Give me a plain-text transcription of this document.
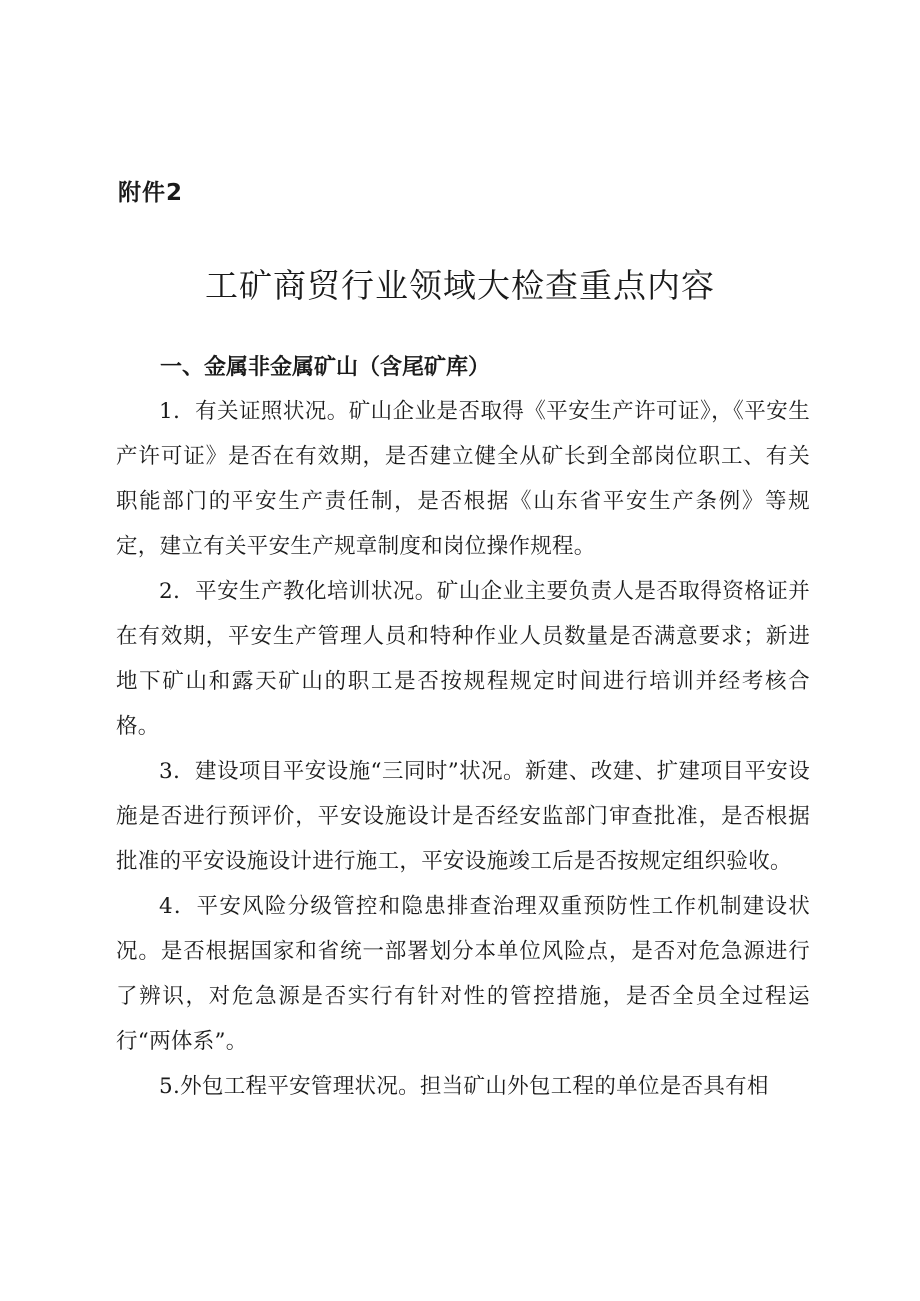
附件2
工矿商贸行业领域大检查重点内容
一、金属非金属矿山（含尾矿库）

1．有关证照状况。矿山企业是否取得《平安生产许可证》，《平安生产许可证》是否在有效期，是否建立健全从矿长到全部岗位职工、有关职能部门的平安生产责任制，是否根据《山东省平安生产条例》等规定，建立有关平安生产规章制度和岗位操作规程。

2．平安生产教化培训状况。矿山企业主要负责人是否取得资格证并在有效期，平安生产管理人员和特种作业人员数量是否满意要求；新进地下矿山和露天矿山的职工是否按规程规定时间进行培训并经考核合格。

3．建设项目平安设施“三同时”状况。新建、改建、扩建项目平安设施是否进行预评价，平安设施设计是否经安监部门审查批准，是否根据批准的平安设施设计进行施工，平安设施竣工后是否按规定组织验收。

4．平安风险分级管控和隐患排查治理双重预防性工作机制建设状况。是否根据国家和省统一部署划分本单位风险点，是否对危急源进行了辨识，对危急源是否实行有针对性的管控措施，是否全员全过程运行“两体系”。

5.外包工程平安管理状况。担当矿山外包工程的单位是否具有相
